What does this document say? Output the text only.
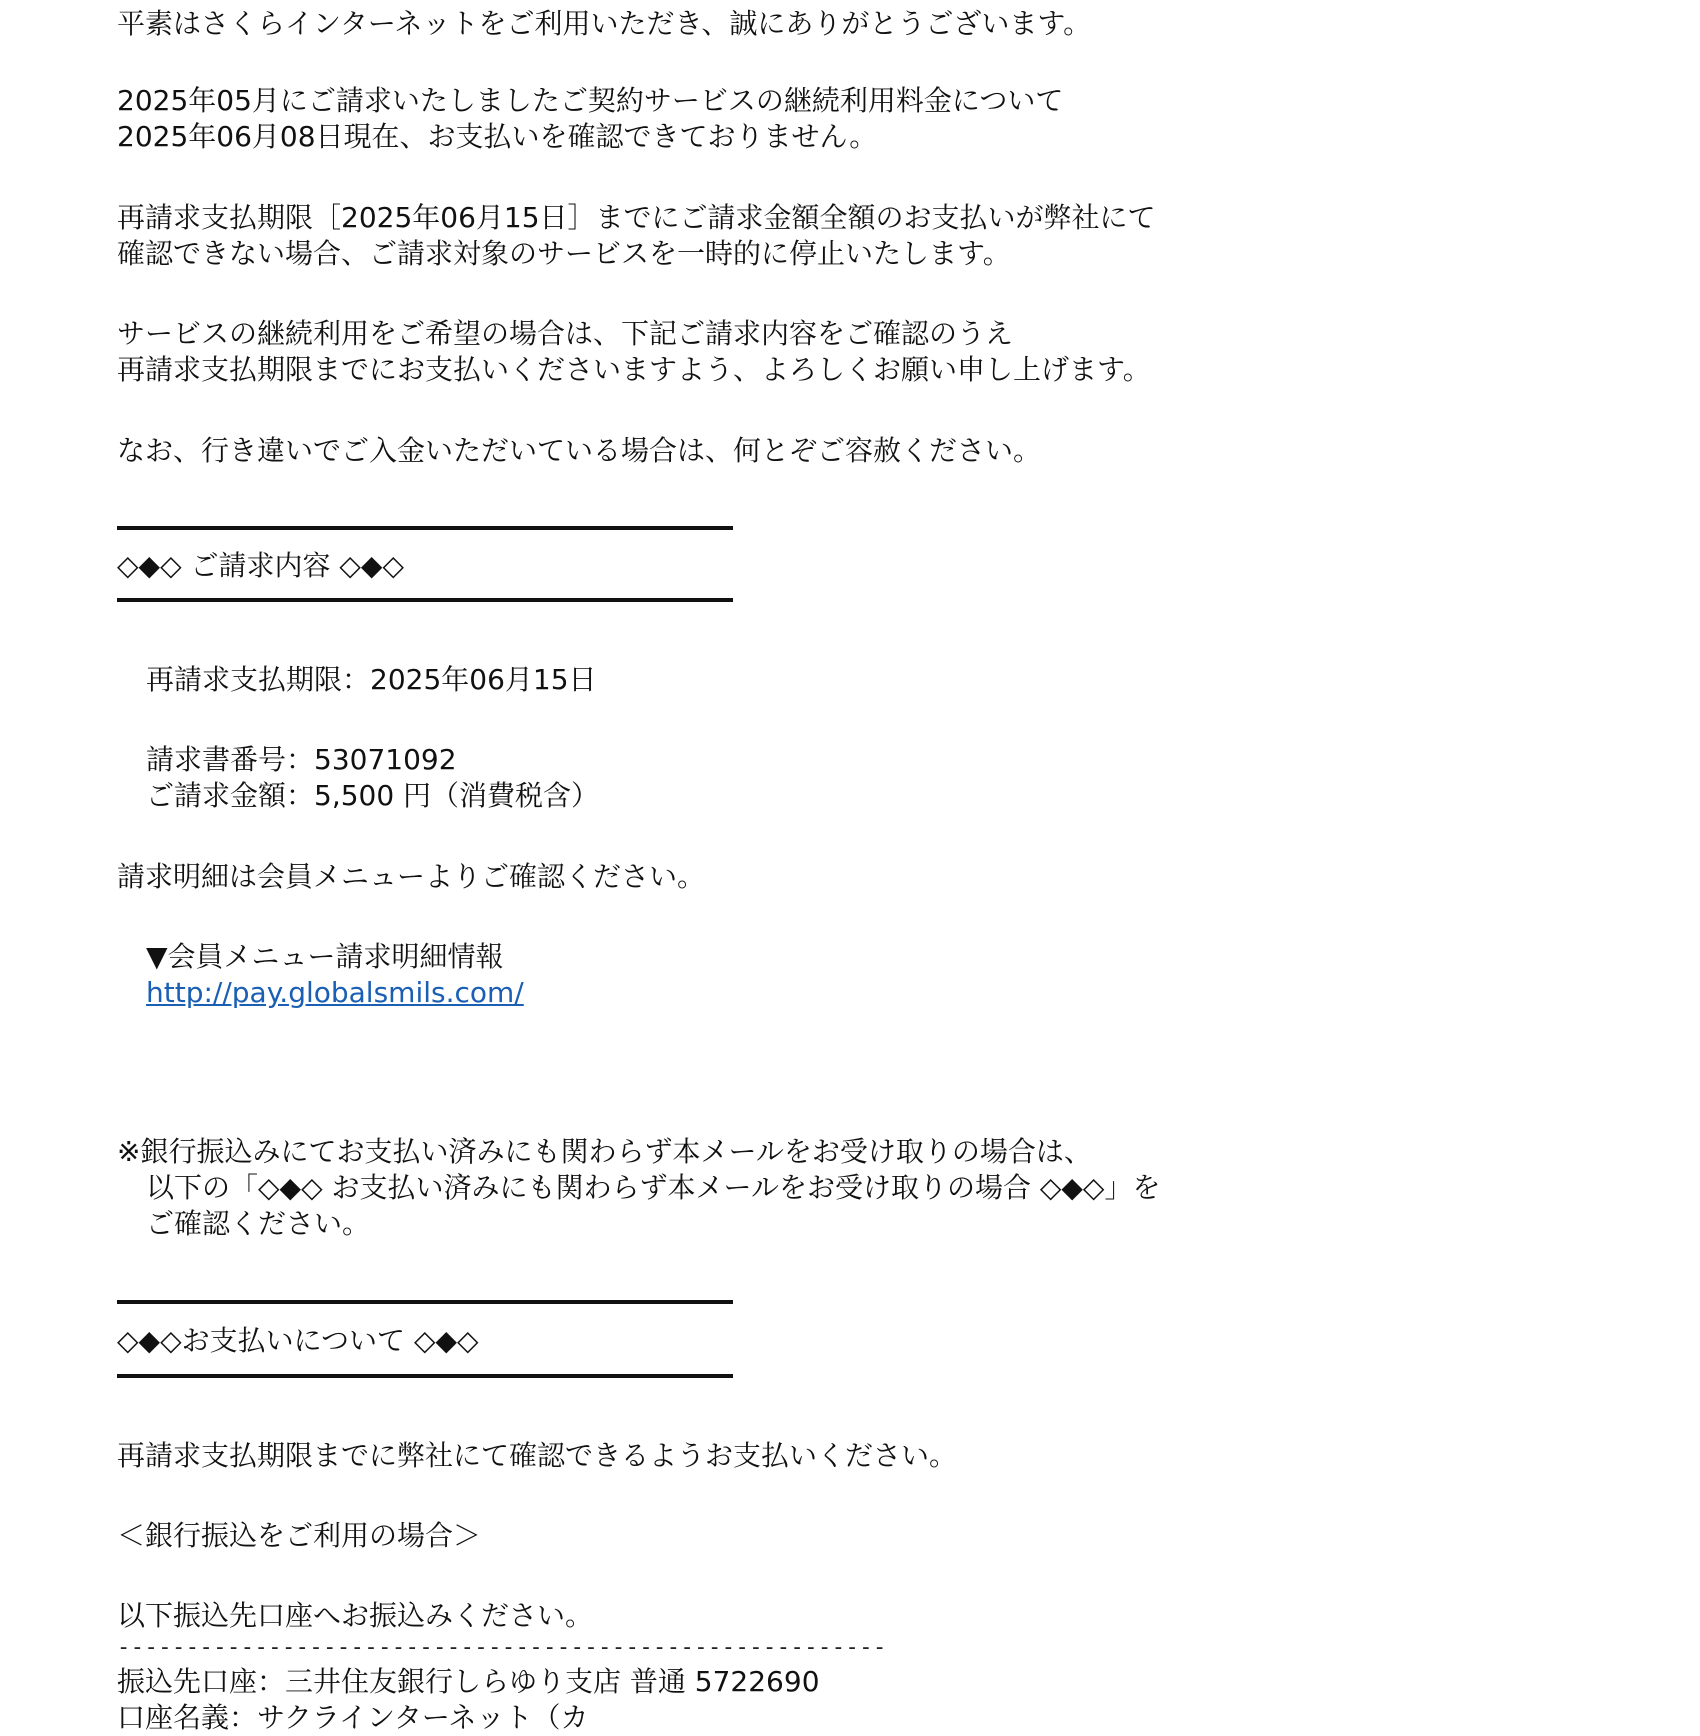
平素はさくらインターネットをご利用いただき、誠にありがとうございます。
2025年05月にご請求いたしましたご契約サービスの継続利用料金について
2025年06月08日現在、お支払いを確認できておりません。
再請求支払期限［2025年06月15日］までにご請求金額全額のお支払いが弊社にて
確認できない場合、ご請求対象のサービスを一時的に停止いたします。
サービスの継続利用をご希望の場合は、下記ご請求内容をご確認のうえ
再請求支払期限までにお支払いくださいますよう、よろしくお願い申し上げます。
なお、行き違いでご入金いただいている場合は、何とぞご容赦ください。
◇◆◇ ご請求内容 ◇◆◇
再請求支払期限：2025年06月15日
請求書番号：53071092
ご請求金額：5,500 円（消費税含）
請求明細は会員メニューよりご確認ください。
▼会員メニュー請求明細情報
http://pay.globalsmils.com/
※銀行振込みにてお支払い済みにも関わらず本メールをお受け取りの場合は、
以下の「◇◆◇ お支払い済みにも関わらず本メールをお受け取りの場合 ◇◆◇」を
ご確認ください。
◇◆◇お支払いについて ◇◆◇
再請求支払期限までに弊社にて確認できるようお支払いください。
＜銀行振込をご利用の場合＞
以下振込先口座へお振込みください。
--------------------------------------------------------
振込先口座：三井住友銀行しらゆり支店 普通 5722690
口座名義：サクラインターネット（カ
